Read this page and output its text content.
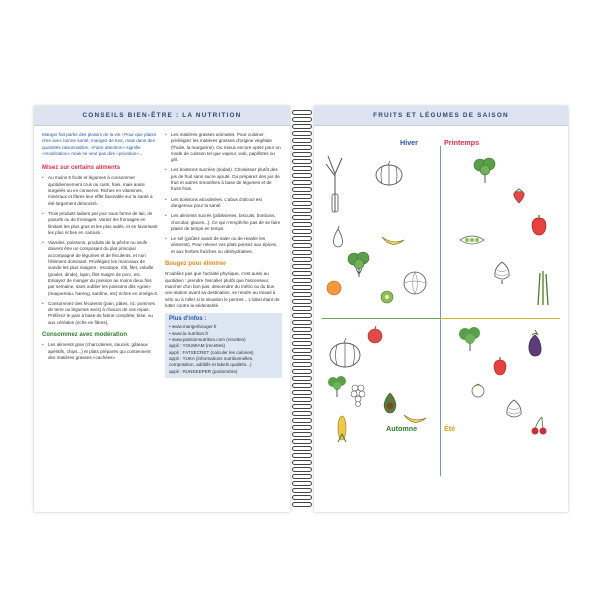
CONSEILS BIEN-ÊTRE : LA NUTRITION

Manger fait partie des plaisirs de la vie ! Pour que plaisir rime avec bonne santé, mangez de tout, mais dans des quantités raisonnables. «Faire attention» signifie «modération» mais ne veut pas dire «privation»...

Misez sur certains aliments

• Au moins 5 fruits et légumes à consommer quotidiennement crus ou cuits, frais, mais aussi surgelés ou en conserve. Riches en vitamines, minéraux et fibres leur effet favorable sur la santé a été largement démontré.

• Trois produits laitiers par jour sous forme de lait, de yaourts ou de fromages. Variez les fromages en limitant les plus gras et les plus salés, et en favorisant les plus riches en calcium.

• Viandes, poissons, produits de la pêche ou œufs doivent être un composant du plat principal accompagné de légumes et de féculents, et non l'élément dominant. Privilégiez les morceaux de viande les plus maigres : escalope, rôti, filet, volaille (poulet, dinde), lapin, filet maigre de porc, etc. Essayez de manger du poisson au moins deux fois par semaine, sans oublier les poissons dits «gras» (maquereau, hareng, sardine, etc) riches en oméga-3.

• Consommez des féculents (pain, pâtes, riz, pommes de terre ou légumes secs) à chacun de vos repas. Préférez le pain à base de farine complète, bise, ou aux céréales (riche en fibres).

Consommez avec modération

• Les aliments gras (charcuteries, sauces, gâteaux apéritifs, chips...) et plats préparés qui contiennent des matières grasses «cachées»

• Les matières grasses animales. Pour cuisiner, privilégiez les matières grasses d'origine végétale (l'huile, la margarine). Ou mieux encore optez pour un mode de cuisson tel que vapeur, wok, papillotes ou gril.

• Les boissons sucrées (sodas). Choisissez plutôt des jus de fruit sans sucre ajouté. Ou préparez des jus de fruit et autres smoothies à base de légumes et de fruits frais.

• Les boissons alcoolisées. L'abus d'alcool est dangereux pour la santé

• Les aliments sucrés (pâtisseries, biscuits, bonbons, chocolat, glaces...). Ce qui n'empêche pas de se faire plaisir de temps en temps.

• Le sel (goûtez avant de saler ou de resaler les aliments). Pour relever vos plats pensez aux épices, et aux herbes fraîches ou déshydratées.

Bougez pour éliminer

N'oubliez pas que l'activité physique, c'est aussi au quotidien : prendre l'escalier plutôt que l'ascenseur, marcher d'un bon pas, descendre du métro ou du bus une station avant sa destination, se rendre au travail à vélo ou à roller si la situation le permet... L'idéal étant de lutter contre la sédentarité.

Plus d'infos :

• www.mangerbouger.fr

• www.la nutrition.fr

• www.passionnutrition.com (recettes)

appli : YOUMIAM (recettes)

appli : FATSECRET (calculer les calories)

appli : YUKA (informations nutritionnelles, composition, additifs et labels qualités...)

appli : RUNKEEPER (podomètre)

FRUITS ET LÉGUMES DE SAISON
Hiver	Printemps
Automne	Été
